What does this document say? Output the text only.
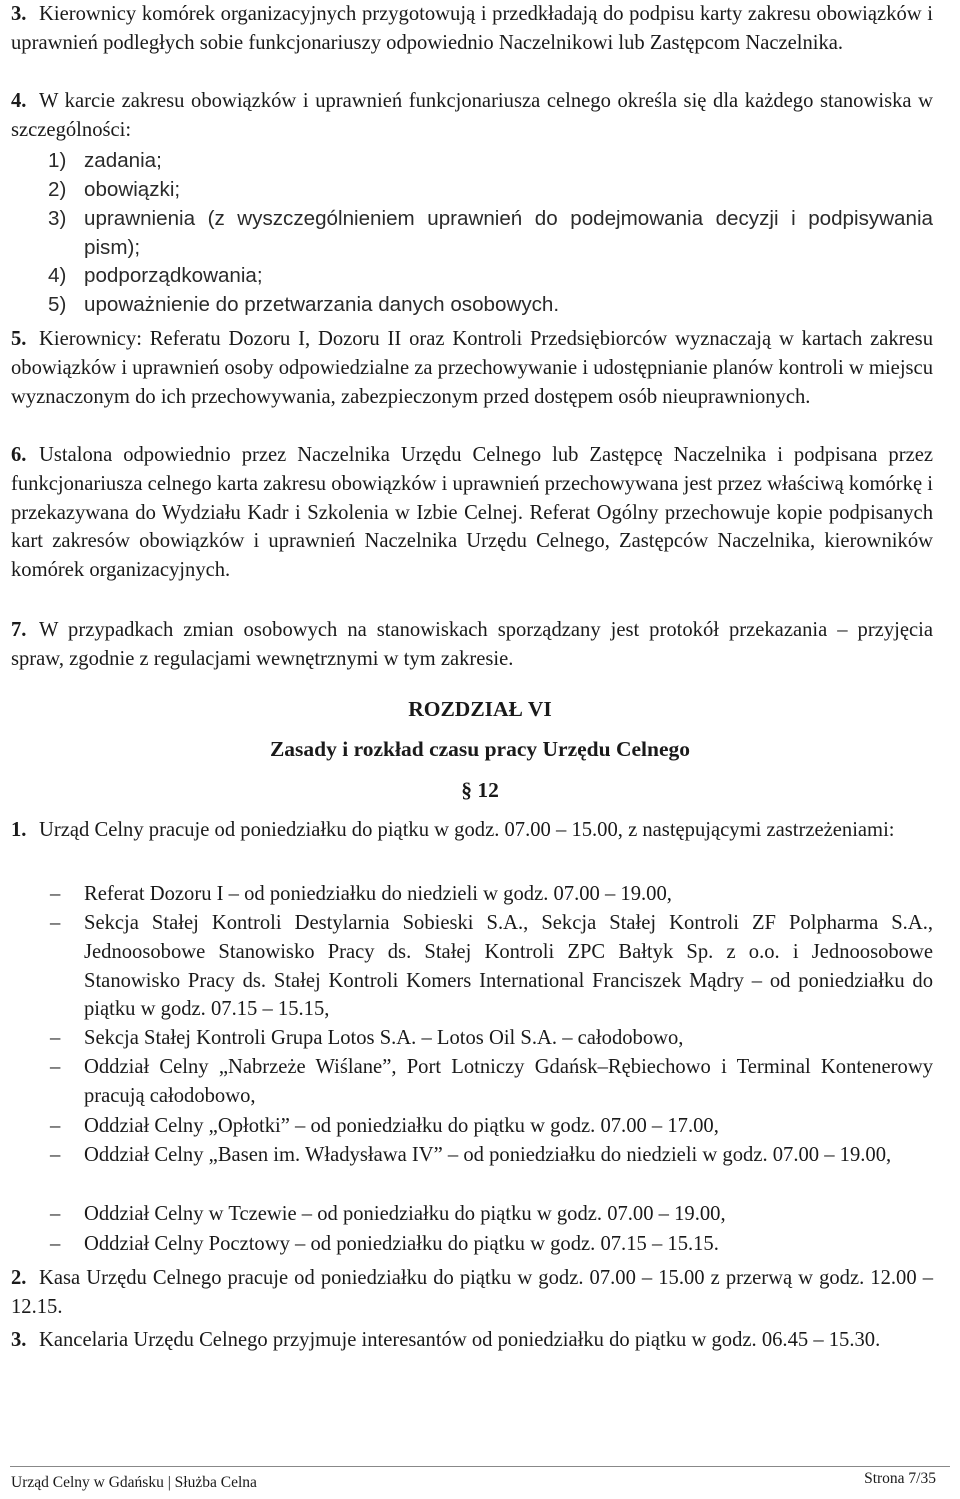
3. Kierownicy komórek organizacyjnych przygotowują i przedkładają do podpisu karty zakresu obowiązków i uprawnień podległych sobie funkcjonariuszy odpowiednio Naczelnikowi lub Zastępcom Naczelnika.
4. W karcie zakresu obowiązków i uprawnień funkcjonariusza celnego określa się dla każdego stanowiska w szczególności:
1) zadania;
2) obowiązki;
3) uprawnienia (z wyszczególnieniem uprawnień do podejmowania decyzji i podpisywania pism);
4) podporządkowania;
5) upoważnienie do przetwarzania danych osobowych.
5. Kierownicy: Referatu Dozoru I, Dozoru II oraz Kontroli Przedsiębiorców wyznaczają w kartach zakresu obowiązków i uprawnień osoby odpowiedzialne za przechowywanie i udostępnianie planów kontroli w miejscu wyznaczonym do ich przechowywania, zabezpieczonym przed dostępem osób nieuprawnionych.
6. Ustalona odpowiednio przez Naczelnika Urzędu Celnego lub Zastępcę Naczelnika i podpisana przez funkcjonariusza celnego karta zakresu obowiązków i uprawnień przechowywana jest przez właściwą komórkę i przekazywana do Wydziału Kadr i Szkolenia w Izbie Celnej. Referat Ogólny przechowuje kopie podpisanych kart zakresów obowiązków i uprawnień Naczelnika Urzędu Celnego, Zastępców Naczelnika, kierowników komórek organizacyjnych.
7. W przypadkach zmian osobowych na stanowiskach sporządzany jest protokół przekazania – przyjęcia spraw, zgodnie z regulacjami wewnętrznymi w tym zakresie.
ROZDZIAŁ VI
Zasady i rozkład czasu pracy Urzędu Celnego
§ 12
1. Urząd Celny pracuje od poniedziałku do piątku w godz. 07.00 – 15.00, z następującymi zastrzeżeniami:
–	Referat Dozoru I – od poniedziałku do niedzieli w godz. 07.00 – 19.00,
–	Sekcja Stałej Kontroli Destylarnia Sobieski S.A., Sekcja Stałej Kontroli ZF Polpharma S.A., Jednoosobowe Stanowisko Pracy ds. Stałej Kontroli ZPC Bałtyk Sp. z o.o. i Jednoosobowe Stanowisko Pracy ds. Stałej Kontroli Komers International Franciszek Mądry – od poniedziałku do piątku w godz. 07.15 – 15.15,
–	Sekcja Stałej Kontroli Grupa Lotos S.A. – Lotos Oil S.A. – całodobowo,
–	Oddział Celny „Nabrzeże Wiślane”, Port Lotniczy Gdańsk–Rębiechowo i Terminal Kontenerowy pracują całodobowo,
–	Oddział Celny „Opłotki” – od poniedziałku do piątku w godz. 07.00 – 17.00,
–	Oddział Celny „Basen im. Władysława IV” – od poniedziałku do niedzieli w godz. 07.00 – 19.00,
–	Oddział Celny w Tczewie – od poniedziałku do piątku w godz. 07.00 – 19.00,
–	Oddział Celny Pocztowy – od poniedziałku do piątku w godz. 07.15 – 15.15.
2. Kasa Urzędu Celnego pracuje od poniedziałku do piątku w godz. 07.00 – 15.00 z przerwą w godz. 12.00 – 12.15.
3. Kancelaria Urzędu Celnego przyjmuje interesantów od poniedziałku do piątku w godz. 06.45 – 15.30.
Urząd Celny w Gdańsku | Służba Celna	Strona 7/35
